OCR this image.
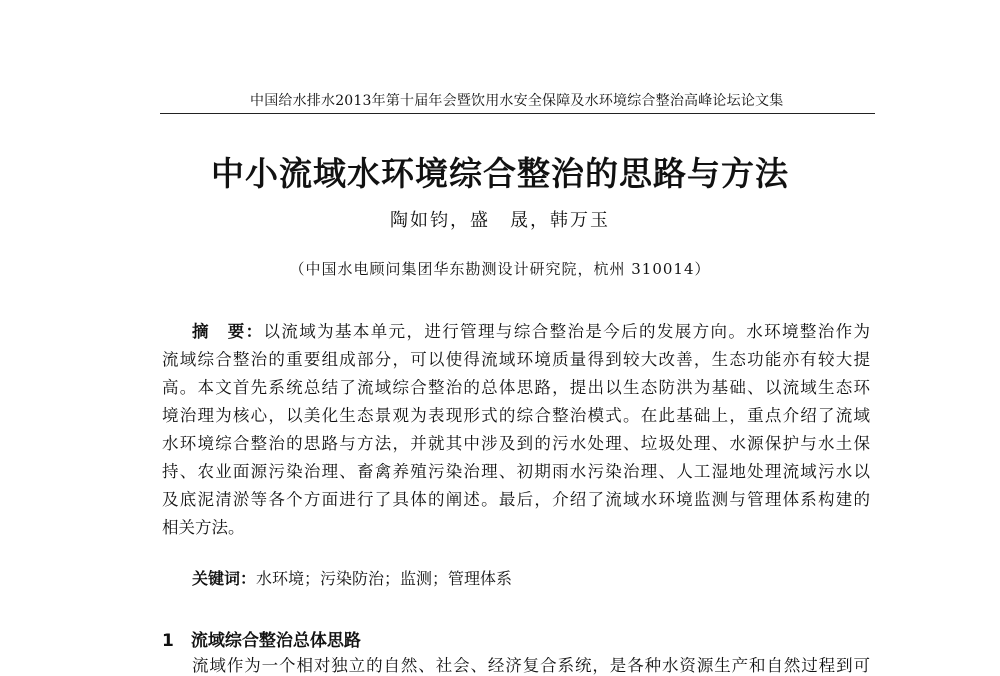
中国给水排水2013年第十届年会暨饮用水安全保障及水环境综合整治高峰论坛论文集
中小流域水环境综合整治的思路与方法
陶如钧，盛　晟，韩万玉
（中国水电顾问集团华东勘测设计研究院，杭州 310014）
摘　要：以流域为基本单元，进行管理与综合整治是今后的发展方向。水环境整治作为
流域综合整治的重要组成部分，可以使得流域环境质量得到较大改善，生态功能亦有较大提
高。本文首先系统总结了流域综合整治的总体思路，提出以生态防洪为基础、以流域生态环
境治理为核心，以美化生态景观为表现形式的综合整治模式。在此基础上，重点介绍了流域
水环境综合整治的思路与方法，并就其中涉及到的污水处理、垃圾处理、水源保护与水土保
持、农业面源污染治理、畜禽养殖污染治理、初期雨水污染治理、人工湿地处理流域污水以
及底泥清淤等各个方面进行了具体的阐述。最后，介绍了流域水环境监测与管理体系构建的
相关方法。
关键词：水环境；污染防治；监测；管理体系
1　流域综合整治总体思路
流域作为一个相对独立的自然、社会、经济复合系统，是各种水资源生产和自然过程到可
